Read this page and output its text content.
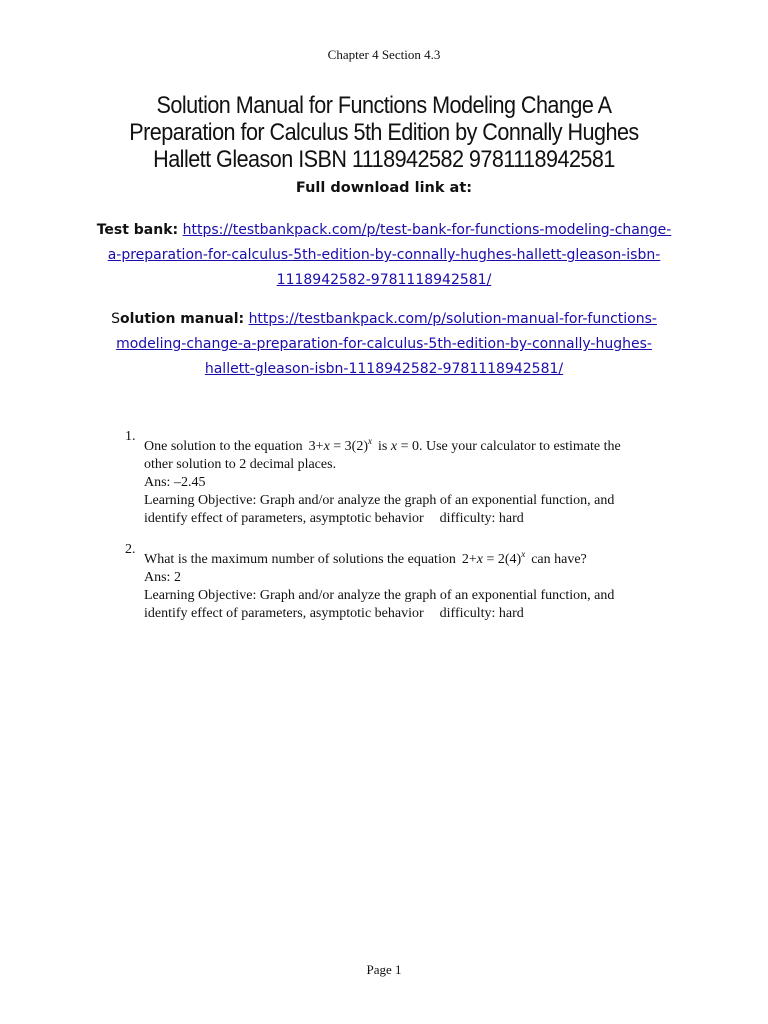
Chapter 4 Section 4.3
Solution Manual for Functions Modeling Change A
Preparation for Calculus 5th Edition by Connally Hughes
Hallett Gleason ISBN 1118942582 9781118942581
Full download link at:
Test bank: https://testbankpack.com/p/test-bank-for-functions-modeling-change-
a-preparation-for-calculus-5th-edition-by-connally-hughes-hallett-gleason-isbn-
1118942582-9781118942581/
Solution manual: https://testbankpack.com/p/solution-manual-for-functions-
modeling-change-a-preparation-for-calculus-5th-edition-by-connally-hughes-
hallett-gleason-isbn-1118942582-9781118942581/
1.
One solution to the equation $3+x = 3(2)^x$ is x = 0. Use your calculator to estimate the
other solution to 2 decimal places.
Ans: –2.45
Learning Objective: Graph and/or analyze the graph of an exponential function, and
identify effect of parameters, asymptotic behavior difficulty: hard
2.
What is the maximum number of solutions the equation $2+x = 2(4)^x$ can have?
Ans: 2
Learning Objective: Graph and/or analyze the graph of an exponential function, and
identify effect of parameters, asymptotic behavior difficulty: hard
Page 1
